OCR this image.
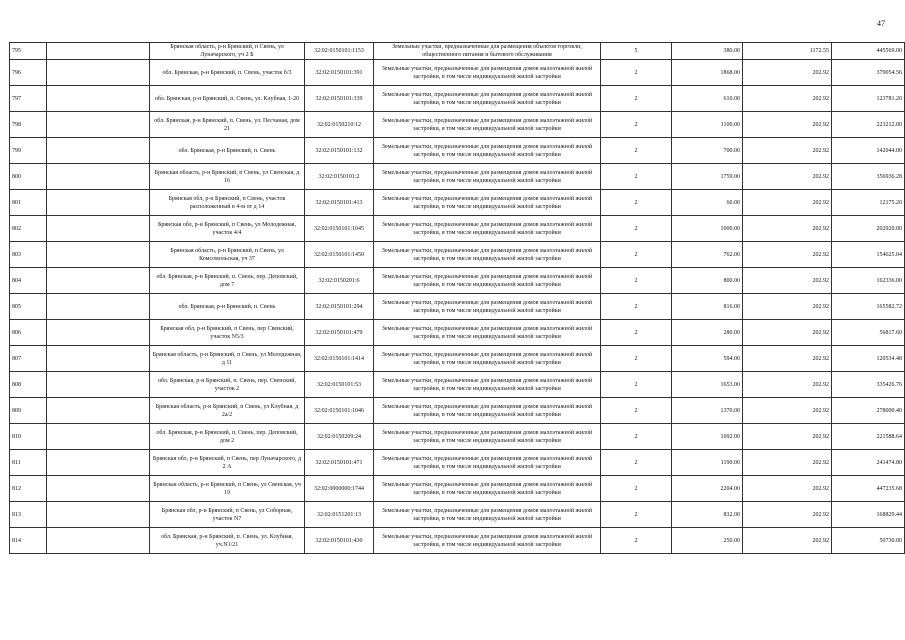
47
795		Брянская область, р-н Брянский, п Свень, ул Луначарского, уч 2 Б	32:02:0150101:1153	Земельные участки, предназначенные для размещения объектов торговли, общественного питания и бытового обслуживания	5	380.00	1172.55	445569.00
796		обл. Брянская, р-н Брянский, п. Свень, участок б/3	32:02:0150101:391	Земельные участки, предназначенные для размещения домов малоэтажной жилой застройки, в том числе индивидуальной жилой застройки	2	1868.00	202.92	379054.56
797		обл. Брянская, р-н Брянский, п. Свень, ул. Клубная, 1-20	32:02:0150101:339	Земельные участки, предназначенные для размещения домов малоэтажной жилой застройки, в том числе индивидуальной жилой застройки	2	610.00	202.92	123781.20
798		обл. Брянская, р-н Брянский, п. Свень, ул. Песчаная, дом 21	32:02:0150210:12	Земельные участки, предназначенные для размещения домов малоэтажной жилой застройки, в том числе индивидуальной жилой застройки	2	1100.00	202.92	223212.00
799		обл. Брянская, р-н Брянский, п. Свень	32:02:0150101:132	Земельные участки, предназначенные для размещения домов малоэтажной жилой застройки, в том числе индивидуальной жилой застройки	2	700.00	202.92	142044.00
800		Брянская область, р-н Брянский, п Свень, ул Свенская, д 16	32:02:0150101:2	Земельные участки, предназначенные для размещения домов малоэтажной жилой застройки, в том числе индивидуальной жилой застройки	2	1759.00	202.92	356936.28
801		Брянская обл, р-н Брянский, п Свень, участок расположенный в 4-м от д 14	32:02:0150101:413	Земельные участки, предназначенные для размещения домов малоэтажной жилой застройки, в том числе индивидуальной жилой застройки	2	60.00	202.92	12175.20
802		Брянская обл, р-н Брянский, п Свень, ул Молодежная, участок 4/4	32:02:0150101:1045	Земельные участки, предназначенные для размещения домов малоэтажной жилой застройки, в том числе индивидуальной жилой застройки	2	1000.00	202.92	202920.00
803		Брянская область, р-н Брянский, п Свень, ул Комсомольская, уч 37	32:02:0150101:1450	Земельные участки, предназначенные для размещения домов малоэтажной жилой застройки, в том числе индивидуальной жилой застройки	2	762.00	202.92	154625.04
804		обл. Брянская, р-н Брянский, п. Свень, пер. Деповский, дом 7	32:02:0150201:6	Земельные участки, предназначенные для размещения домов малоэтажной жилой застройки, в том числе индивидуальной жилой застройки	2	800.00	202.92	162336.00
805		обл. Брянская, р-н Брянский, п. Свень	32:02:0150101:294	Земельные участки, предназначенные для размещения домов малоэтажной жилой застройки, в том числе индивидуальной жилой застройки	2	816.00	202.92	165582.72
806		Брянская обл, р-н Брянский, п Свень, пер Свенский, участок N5/3	32:02:0150101:479	Земельные участки, предназначенные для размещения домов малоэтажной жилой застройки, в том числе индивидуальной жилой застройки	2	280.00	202.92	56817.60
807		Брянская область, р-н Брянский, п Свень, ул Молодежная, д 11	32:02:0150101:1414	Земельные участки, предназначенные для размещения домов малоэтажной жилой застройки, в том числе индивидуальной жилой застройки	2	594.00	202.92	120534.48
808		обл. Брянская, р-н Брянский, п. Свень, пер. Свенский, участок 2	32:02:0150101:53	Земельные участки, предназначенные для размещения домов малоэтажной жилой застройки, в том числе индивидуальной жилой застройки	2	1653.00	202.92	335426.76
809		Брянская область, р-н Брянский, п Свень, ул Клубная, д 2а/2	32:02:0150101:1046	Земельные участки, предназначенные для размещения домов малоэтажной жилой застройки, в том числе индивидуальной жилой застройки	2	1370.00	202.92	278000.40
810		обл. Брянская, р-н Брянский, п. Свень, пер. Деповский, дом 2	32:02:0150209:24	Земельные участки, предназначенные для размещения домов малоэтажной жилой застройки, в том числе индивидуальной жилой застройки	2	1092.00	202.92	221588.64
811		Брянская обл, р-н Брянский, п Свень, пер Луначарского, д 2 А	32:02:0150101:471	Земельные участки, предназначенные для размещения домов малоэтажной жилой застройки, в том числе индивидуальной жилой застройки	2	1190.00	202.92	241474.80
812		Брянская область, р-н Брянский, п Свень, ул Свенская, уч 19	32:02:0000000:1744	Земельные участки, предназначенные для размещения домов малоэтажной жилой застройки, в том числе индивидуальной жилой застройки	2	2204.00	202.92	447235.68
813		Брянская обл, р-н Брянский, п Свень, ул Соборная, участок N7	32:02:0151201:13	Земельные участки, предназначенные для размещения домов малоэтажной жилой застройки, в том числе индивидуальной жилой застройки	2	832.00	202.92	168829.44
814		обл. Брянская, р-н Брянский, п. Свень, ул. Клубная, уч.N1/21	32:02:0150101:430	Земельные участки, предназначенные для размещения домов малоэтажной жилой застройки, в том числе индивидуальной жилой застройки	2	250.00	202.92	50730.00
